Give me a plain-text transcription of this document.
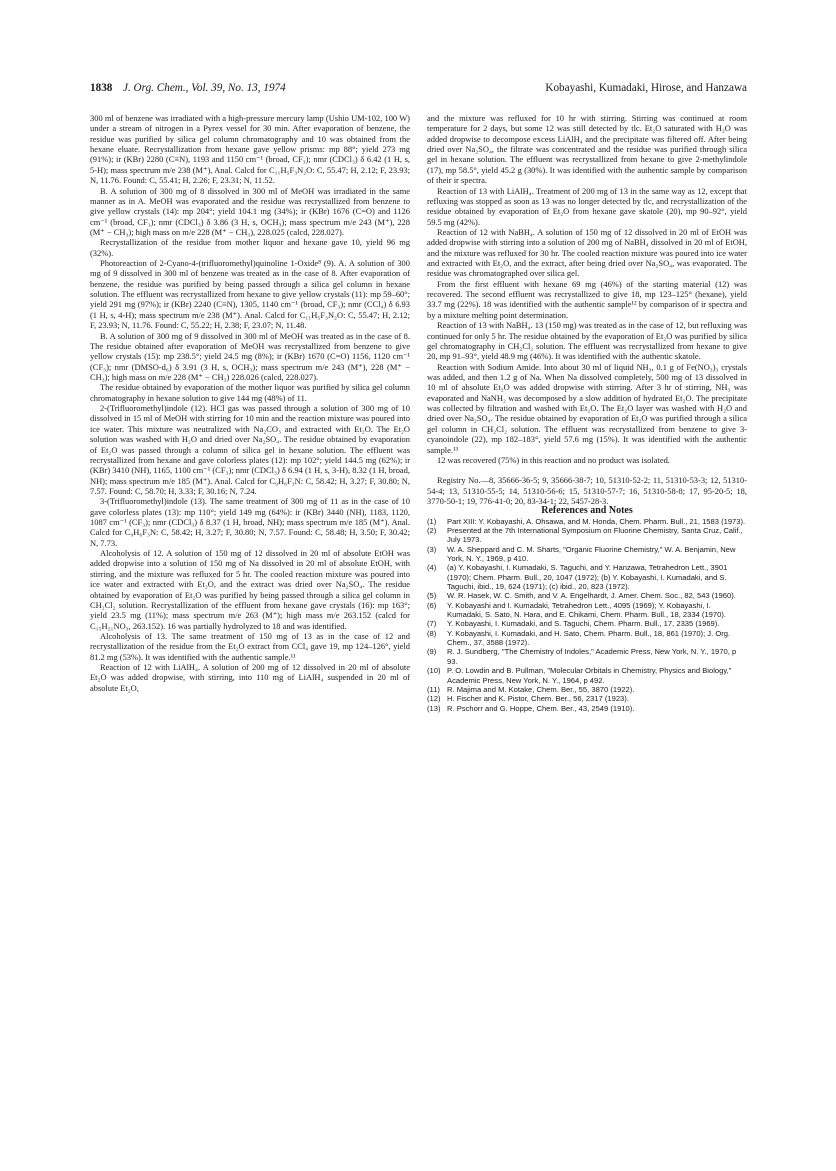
1838 J. Org. Chem., Vol. 39, No. 13, 1974	Kobayashi, Kumadaki, Hirose, and Hanzawa

300 ml of benzene was irradiated with a high-pressure mercury lamp (Ushio UM-102, 100 W) under a stream of nitrogen in a Pyrex vessel for 30 min. After evaporation of benzene, the residue was purified by silica gel column chromatography and 10 was obtained from the hexane eluate. Recrystallization from hexane gave yellow prisms: mp 88°; yield 273 mg (91%); ir (KBr) 2280 (C≡N), 1193 and 1150 cm⁻¹ (broad, CF₃); nmr (CDCl₃) δ 6.42 (1 H, s, 5-H); mass spectrum m/e 238 (M⁺), Anal. Calcd for C₁₁H₅F₃N₂O: C, 55.47; H, 2.12; F, 23.93; N, 11.76. Found: C, 55.41; H, 2.26; F, 23.31; N, 11.52.

B. A solution of 300 mg of 8 dissolved in 300 ml of MeOH was irradiated in the same manner as in A. MeOH was evaporated and the residue was recrystallized from benzene to give yellow crystals (14): mp 204°; yield 104.1 mg (34%); ir (KBr) 1676 (C=O) and 1126 cm⁻¹ (broad, CF₃); nmr (CDCl₃) δ 3.86 (3 H, s, OCH₃); mass spectrum m/e 243 (M⁺), 228 (M⁺ − CH₃); high mass on m/e 228 (M⁺ − CH₃), 228.025 (calcd, 228.027).

Recrystallization of the residue from mother liquor and hexane gave 10, yield 96 mg (32%).

Photoreaction of 2-Cyano-4-(trifluoromethyl)quinoline 1-Oxide⁸ (9). A. A solution of 300 mg of 9 dissolved in 300 ml of benzene was treated as in the case of 8. After evaporation of benzene, the residue was purified by being passed through a silica gel column in hexane solution. The effluent was recrystallized from hexane to give yellow crystals (11): mp 59–60°; yield 291 mg (97%); ir (KBr) 2240 (C≡N), 1305, 1140 cm⁻¹ (broad, CF₃); nmr (CCl₄) δ 6.93 (1 H, s, 4-H); mass spectrum m/e 238 (M⁺). Anal. Calcd for C₁₁H₅F₃N₂O: C, 55.47; H, 2.12; F, 23.93; N, 11.76. Found: C, 55.22; H, 2.38; F, 23.07; N, 11.48.

B. A solution of 300 mg of 9 dissolved in 300 ml of MeOH was treated as in the case of 8. The residue obtained after evaporation of MeOH was recrystallized from benzene to give yellow crystals (15): mp 238.5°; yield 24.5 mg (8%); ir (KBr) 1670 (C=O) 1156, 1120 cm⁻¹ (CF₃); nmr (DMSO-d₆) δ 3.91 (3 H, s, OCH₃); mass spectrum m/e 243 (M⁺), 228 (M⁺ − CH₃); high mass on m/e 228 (M⁺ − CH₃) 228.026 (calcd, 228.027).

The residue obtained by evaporation of the mother liquor was purified by silica gel column chromatography in hexane solution to give 144 mg (48%) of 11.

2-(Trifluoromethyl)indole (12). HCl gas was passed through a solution of 300 mg of 10 dissolved in 15 ml of MeOH with stirring for 10 min and the reaction mixture was poured into ice water. This mixture was neutralized with Na₂CO₃ and extracted with Et₂O. The Et₂O solution was washed with H₂O and dried over Na₂SO₄. The residue obtained by evaporation of Et₂O was passed through a column of silica gel in hexane solution. The effluent was recrystallized from hexane and gave colorless plates (12): mp 102°; yield 144.5 mg (62%); ir (KBr) 3410 (NH), 1165, 1100 cm⁻¹ (CF₃); nmr (CDCl₃) δ 6.94 (1 H, s, 3-H), 8.32 (1 H, broad, NH); mass spectrum m/e 185 (M⁺). Anal. Calcd for C₉H₆F₃N: C, 58.42; H, 3.27; F, 30.80; N, 7.57. Found: C, 58.70; H, 3.33; F, 30.16; N, 7.24.

3-(Trifluoromethyl)indole (13). The same treatment of 300 mg of 11 as in the case of 10 gave colorless plates (13): mp 110°; yield 149 mg (64%): ir (KBr) 3440 (NH), 1183, 1120, 1087 cm⁻¹ (CF₃); nmr (CDCl₃) δ 8.37 (1 H, broad, NH); mass spectrum m/e 185 (M⁺). Anal. Calcd for C₉H₆F₃N: C, 58.42; H, 3.27; F, 30.80; N, 7.57. Found: C, 58.48; H, 3.50; F, 30.42; N, 7.73.

Alcoholysis of 12. A solution of 150 mg of 12 dissolved in 20 ml of absolute EtOH was added dropwise into a solution of 150 mg of Na dissolved in 20 ml of absolute EtOH, with stirring, and the mixture was refluxed for 5 hr. The cooled reaction mixture was poured into ice water and extracted with Et₂O, and the extract was dried over Na₂SO₄. The residue obtained by evaporation of Et₂O was purified by being passed through a silica gel column in CH₂Cl₂ solution. Recrystallization of the effluent from hexane gave crystals (16): mp 163°; yield 23.5 mg (11%); mass spectrum m/e 263 (M⁺); high mass m/e 263.152 (calcd for C₁₅H₂₁NO₃, 263.152). 16 was partially hydrolyzed to 18 and was identified.

Alcoholysis of 13. The same treatment of 150 mg of 13 as in the case of 12 and recrystallization of the residue from the Et₂O extract from CCl₄ gave 19, mp 124–126°, yield 81.2 mg (53%). It was identified with the authentic sample.¹¹

Reaction of 12 with LiAlH₄. A solution of 200 mg of 12 dissolved in 20 ml of absolute Et₂O was added dropwise, with stirring, into 110 mg of LiAlH₄ suspended in 20 ml of absolute Et₂O,

and the mixture was refluxed for 10 hr with stirring. Stirring was continued at room temperature for 2 days, but some 12 was still detected by tlc. Et₂O saturated with H₂O was added dropwise to decompose excess LiAlH₄ and the precipitate was filtered off. After being dried over Na₂SO₄, the filtrate was concentrated and the residue was purified through silica gel in hexane solution. The effluent was recrystallized from hexane to give 2-methylindole (17), mp 58.5°, yield 45.2 g (30%). It was identified with the authentic sample by comparison of their ir spectra.

Reaction of 13 with LiAlH₄. Treatment of 200 mg of 13 in the same way as 12, except that refluxing was stopped as soon as 13 was no longer detected by tlc, and recrystallization of the residue obtained by evaporation of Et₂O from hexane gave skatole (20), mp 90–92°, yield 59.5 mg (42%).

Reaction of 12 with NaBH₄. A solution of 150 mg of 12 dissolved in 20 ml of EtOH was added dropwise with stirring into a solution of 200 mg of NaBH₄ dissolved in 20 ml of EtOH, and the mixture was refluxed for 30 hr. The cooled reaction mixture was poured into ice water and extracted with Et₂O, and the extract, after being dried over Na₂SO₄, was evaporated. The residue was chromatographed over silica gel.

From the first effluent with hexane 69 mg (46%) of the starting material (12) was recovered. The second effluent was recrystallized to give 18, mp 123–125° (hexane), yield 33.7 mg (22%). 18 was identified with the authentic sample¹² by comparison of ir spectra and by a mixture melting point determination.

Reaction of 13 with NaBH₄. 13 (150 mg) was treated as in the case of 12, but refluxing was continued for only 5 hr. The residue obtained by the evaporation of Et₂O was purified by silica gel chromatography in CH₂Cl₂ solution. The effluent was recrystallized from hexane to give 20, mp 91–93°, yield 48.9 mg (46%). It was identified with the authentic skatole.

Reaction with Sodium Amide. Into about 30 ml of liquid NH₃, 0.1 g of Fe(NO₃)₃ crystals was added, and then 1.2 g of Na. When Na dissolved completely, 500 mg of 13 dissolved in 10 ml of absolute Et₂O was added dropwise with stirring. After 3 hr of stirring, NH₃ was evaporated and NaNH₂ was decomposed by a slow addition of hydrated Et₂O. The precipitate was collected by filtration and washed with Et₂O. The Et₂O layer was washed with H₂O and dried over Na₂SO₄. The residue obtained by evaporation of Et₂O was purified through a silica gel column in CH₂Cl₂ solution. The effluent was recrystallized from benzene to give 3-cyanoindole (22), mp 182–183°, yield 57.6 mg (15%). It was identified with the authentic sample.¹³

12 was recovered (75%) in this reaction and no product was isolated.

Registry No.—8, 35666-36-5; 9, 35666-38-7; 10, 51310-52-2; 11, 51310-53-3; 12, 51310-54-4; 13, 51310-55-5; 14, 51310-56-6; 15, 51310-57-7; 16, 51310-58-8; 17, 95-20-5; 18, 3770-50-1; 19, 776-41-0; 20, 83-34-1; 22, 5457-28-3.

References and Notes

(1)	Part XIII: Y. Kobayashi, A. Ohsawa, and M. Honda, Chem. Pharm. Bull., 21, 1583 (1973).
(2)	Presented at the 7th International Symposium on Fluorine Chemistry, Santa Cruz, Calif., July 1973.
(3)	W. A. Sheppard and C. M. Sharts, "Organic Fluorine Chemistry," W. A. Benjamin, New York, N. Y., 1969, p 410.
(4)	(a) Y. Kobayashi, I. Kumadaki, S. Taguchi, and Y. Hanzawa, Tetrahedron Lett., 3901 (1970); Chem. Pharm. Bull., 20, 1047 (1972); (b) Y. Kobayashi, I. Kumadaki, and S. Taguchi, ibid., 19, 624 (1971); (c) ibid., 20, 823 (1972).
(5)	W. R. Hasek, W. C. Smith, and V. A. Engelhardt, J. Amer. Chem. Soc., 82, 543 (1960).
(6)	Y. Kobayashi and I. Kumadaki, Tetrahedron Lett., 4095 (1969); Y. Kobayashi, I. Kumadaki, S. Sato, N. Hara, and E. Chikami, Chem. Pharm. Bull., 18, 2334 (1970).
(7)	Y. Kobayashi, I. Kumadaki, and S. Taguchi, Chem. Pharm. Bull., 17, 2335 (1969).
(8)	Y. Kobayashi, I. Kumadaki, and H. Sato, Chem. Pharm. Bull., 18, 861 (1970); J. Org. Chem., 37, 3588 (1972).
(9)	R. J. Sundberg, "The Chemistry of Indoles," Academic Press, New York, N. Y., 1970, p 93.
(10) P. O. Lowdin and B. Pullman, "Molecular Orbitals in Chemistry, Physics and Biology," Academic Press, New York, N. Y., 1964, p 492.
(11) R. Majima and M. Kotake, Chem. Ber., 55, 3870 (1922).
(12) H. Fischer and K. Pistor, Chem. Ber., 56, 2317 (1923).
(13) R. Pschorr and G. Hoppe, Chem. Ber., 43, 2549 (1910).
